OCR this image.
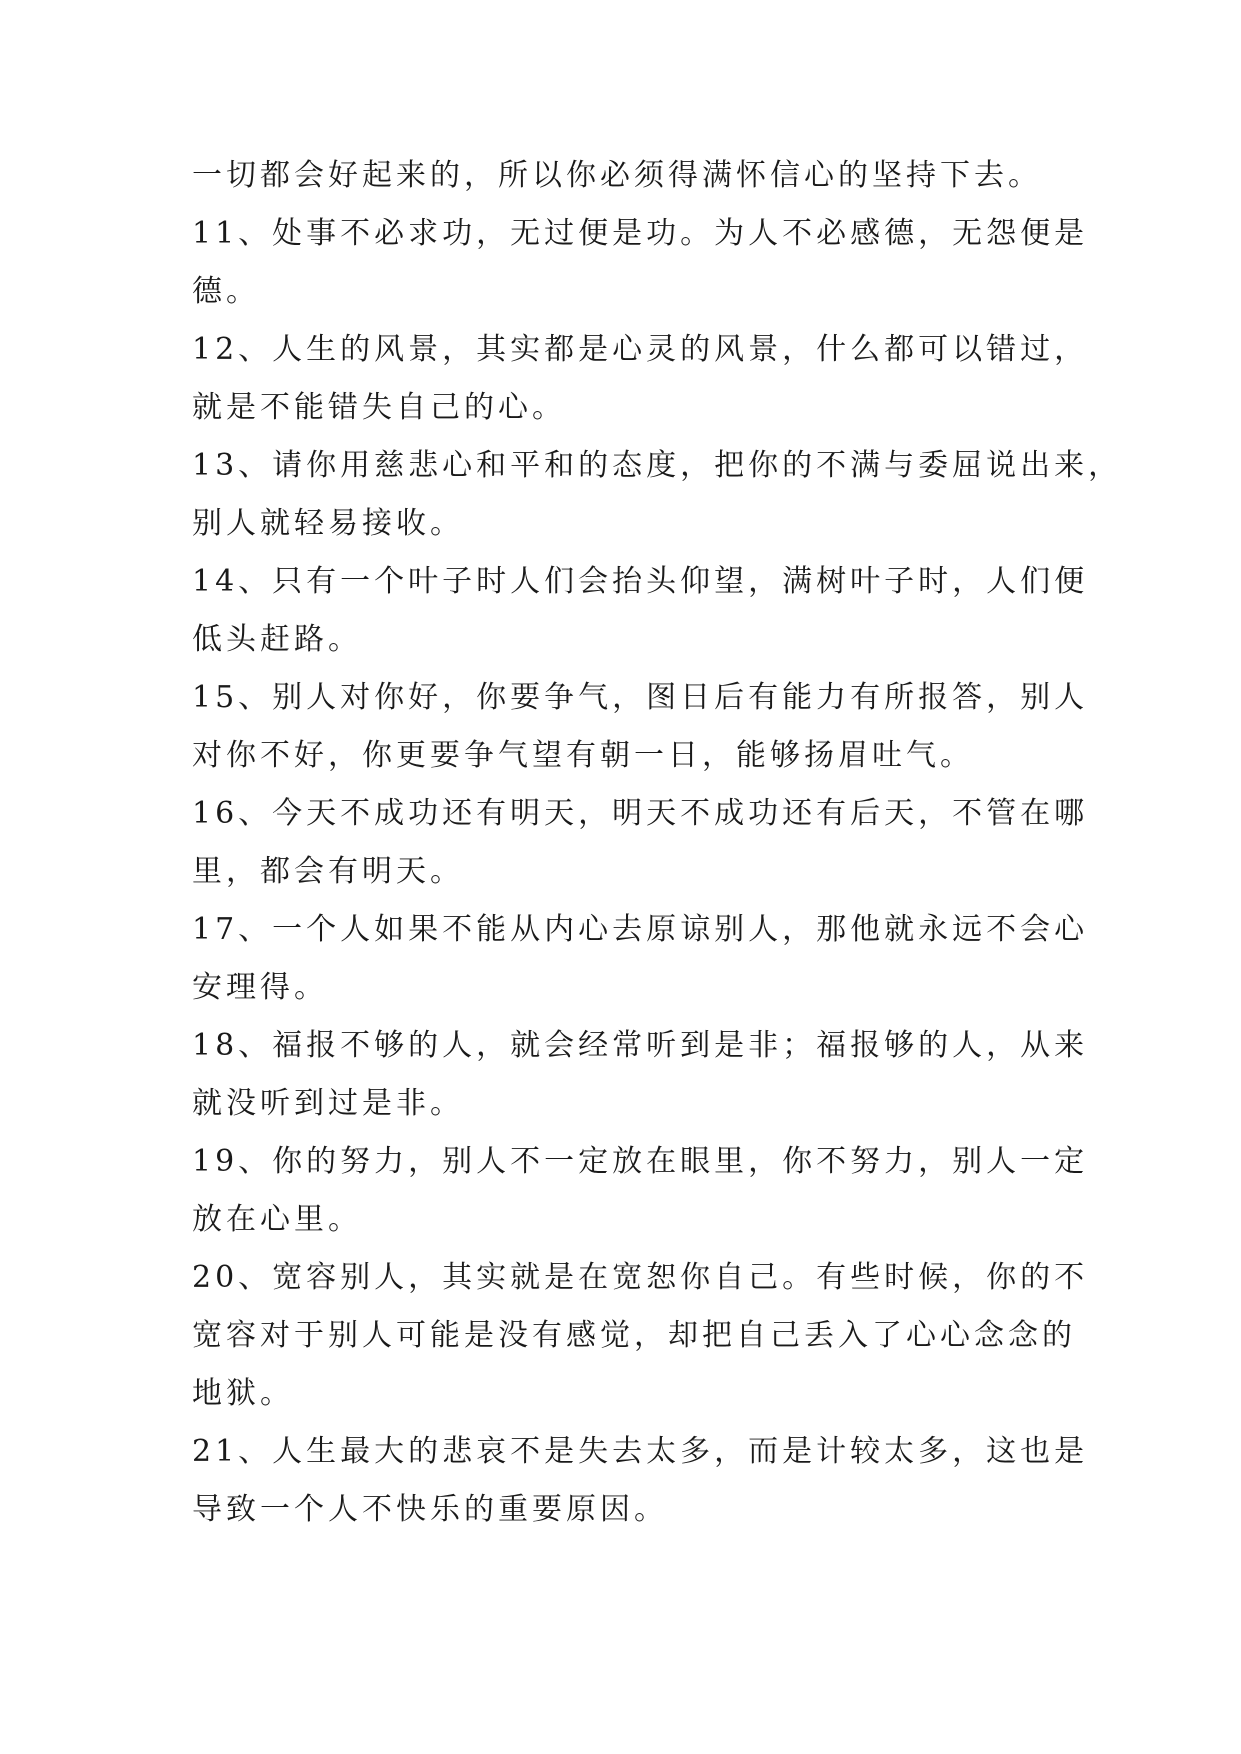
一切都会好起来的，所以你必须得满怀信心的坚持下去。
11、处事不必求功，无过便是功。为人不必感德，无怨便是
德。
12、人生的风景，其实都是心灵的风景，什么都可以错过，
就是不能错失自己的心。
13、请你用慈悲心和平和的态度，把你的不满与委屈说出来，
别人就轻易接收。
14、只有一个叶子时人们会抬头仰望，满树叶子时，人们便
低头赶路。
15、别人对你好，你要争气，图日后有能力有所报答，别人
对你不好，你更要争气望有朝一日，能够扬眉吐气。
16、今天不成功还有明天，明天不成功还有后天，不管在哪
里，都会有明天。
17、一个人如果不能从内心去原谅别人，那他就永远不会心
安理得。
18、福报不够的人，就会经常听到是非；福报够的人，从来
就没听到过是非。
19、你的努力，别人不一定放在眼里，你不努力，别人一定
放在心里。
20、宽容别人，其实就是在宽恕你自己。有些时候，你的不
宽容对于别人可能是没有感觉，却把自己丢入了心心念念的
地狱。
21、人生最大的悲哀不是失去太多，而是计较太多，这也是
导致一个人不快乐的重要原因。
